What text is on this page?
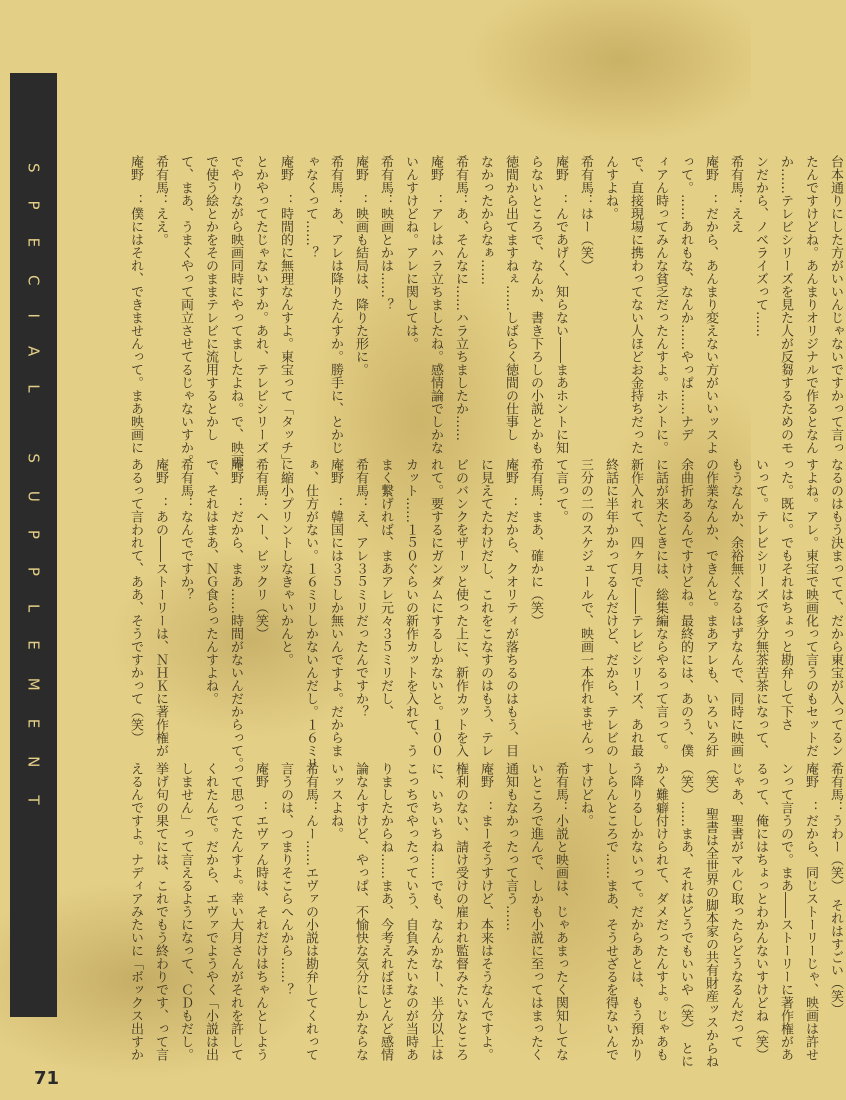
SPECIAL SUPPLEMENT	台本通りにした方がいいんじゃないですかって言っ
たんですけどね。あんまりオリジナルで作るとなん
か……テレビシリーズを見た人が反芻するためのモ
ンだから、ノベライズって……
希有馬：ええ
庵野　：だから、あんまり変えない方がいいッスよ
って。……あれもな、なんか……やっぱ……ナデ
ィアん時ってみんな貧乏だったんすよ。ホントに。
で、直接現場に携わってない人ほどお金持ちだった
んすよね。
希有馬：はー（笑）
庵野　：んであげく、知らない――まあホントに知
らないところで、なんか、書き下ろしの小説とかも
徳間から出てますねぇ……しばらく徳間の仕事し
なかったからなぁ……
希有馬：あ、そんなに……ハラ立ちましたか……
庵野　：アレはハラ立ちましたね。感情論でしかな
いんすけどね。アレに関しては。
希有馬：映画とかは……？
庵野　：映画も結局は、降りた形に。
希有馬：あ、アレは降りたんすか。勝手に、とかじ
ゃなくって……？
庵野　：時間的に無理なんすよ。東宝って「タッチ」
とかやってたじゃないすか。あれ、テレビシリーズ
でやりながら映画同時にやってましたよね。で、映画
で使う絵とかをそのままテレビに流用するとかし
て、まあ、うまくやって両立させてるじゃないすか。
希有馬：ええ。
庵野　：僕にはそれ、できませんって。まあ映画に
なるのはもう決まってて、だから東宝が入ってるン
すよね。アレ。東宝で映画化って言うのもセットだ
った。既に。でもそれはちょっと勘弁して下さ
いって。テレビシリーズで多分無茶苦茶になって、
もうなんか、余裕無くなるはずなんで、同時に映画
の作業なんか、できんと。まあアレも、いろいろ紆
余曲折あるんですけどね。最終的には、あのう、僕
に話が来たときには、総集編ならやるって言って。
新作入れて、四ヶ月で――テレビシリーズ、あれ最
終話に半年かかってるんだけど、だから、テレビの
三分の二のスケジュールで、映画一本作れませんっ
て言って。
希有馬：まあ、確かに（笑）
庵野　：だから、クオリティが落ちるのはもう、目
に見えてたわけだし、これをこなすのはもう、テレ
ビのバンクをザーッと使った上に、新作カットを入
れて。要するにガンダムにするしかないと。１００
カット……１５０ぐらいの新作カットを入れて、う
まく繋げれば、まあアレ元々３５ミリだし、
希有馬：え、アレ３５ミリだったんですか？
庵野　：韓国には３５しか無いんですよ。だからま
ぁ、仕方がない。１６ミリしかないんだし。１６ミリ
に縮小プリントしなきゃいかんと。
希有馬：ヘー、ビックリ（笑）
庵野　：だから、まあ……時間がないんだからって。
で、それはまあ、ＮＧ食らったんすよね。
希有馬：なんでですか？
庵野　：あの――ストーリーは、ＮＨＫに著作権が
あるって言われて、ああ、そうですかって（笑）
希有馬：うわー（笑）　それはすごい（笑）
庵野　：だから、同じストーリーじゃ、映画は許せ
ンって言うので。まあ――ストーリーに著作権があ
るって、俺にはちょっとわかんないすけどね（笑）
じゃあ、聖書がマルＣ取ったらどうなるんだって
（笑）　聖書は全世界の脚本家の共有財産ッスからね
（笑）……まあ、それはどうでもいいや（笑）　とに
かく難癖付けられて、ダメだったんすよ。じゃあも
う降りるしかないって。だからあとは、もう預かり
しらんところで……まあ、そうせざるを得ないんで
すけどね。
希有馬：小説と映画は、じゃあまったく関知してな
いところで進んで、しかも小説に至ってはまったく
通知もなかったって言う……
庵野　：まーそうすけど、本来はそうなんですよ。
権利のない、請け受けの雇われ監督みたいなところ
に、いちいちね……でも、なんかなー、半分以上は
こっちでやったっていう、自負みたいなのが当時あ
りましたからね……まあ、今考えればほとんど感情
論なんすけど、やっぱ、不愉快な気分にしかならな
いッスよね。
希有馬：んー……エヴァの小説は勘弁してくれって
言うのは、つまりそこらへんから……？
庵野　：エヴァん時は、それだけはちゃんとしよう
って思ってたんすよ。幸い大月さんがそれを許して
くれたんで。だから、エヴァでようやく「小説は出
しません」って言えるようになって、ＣＤもだし。
挙げ句の果てには、これでもう終わりです、って言
えるんですよ。ナディアみたいに「ボックス出すか
71
